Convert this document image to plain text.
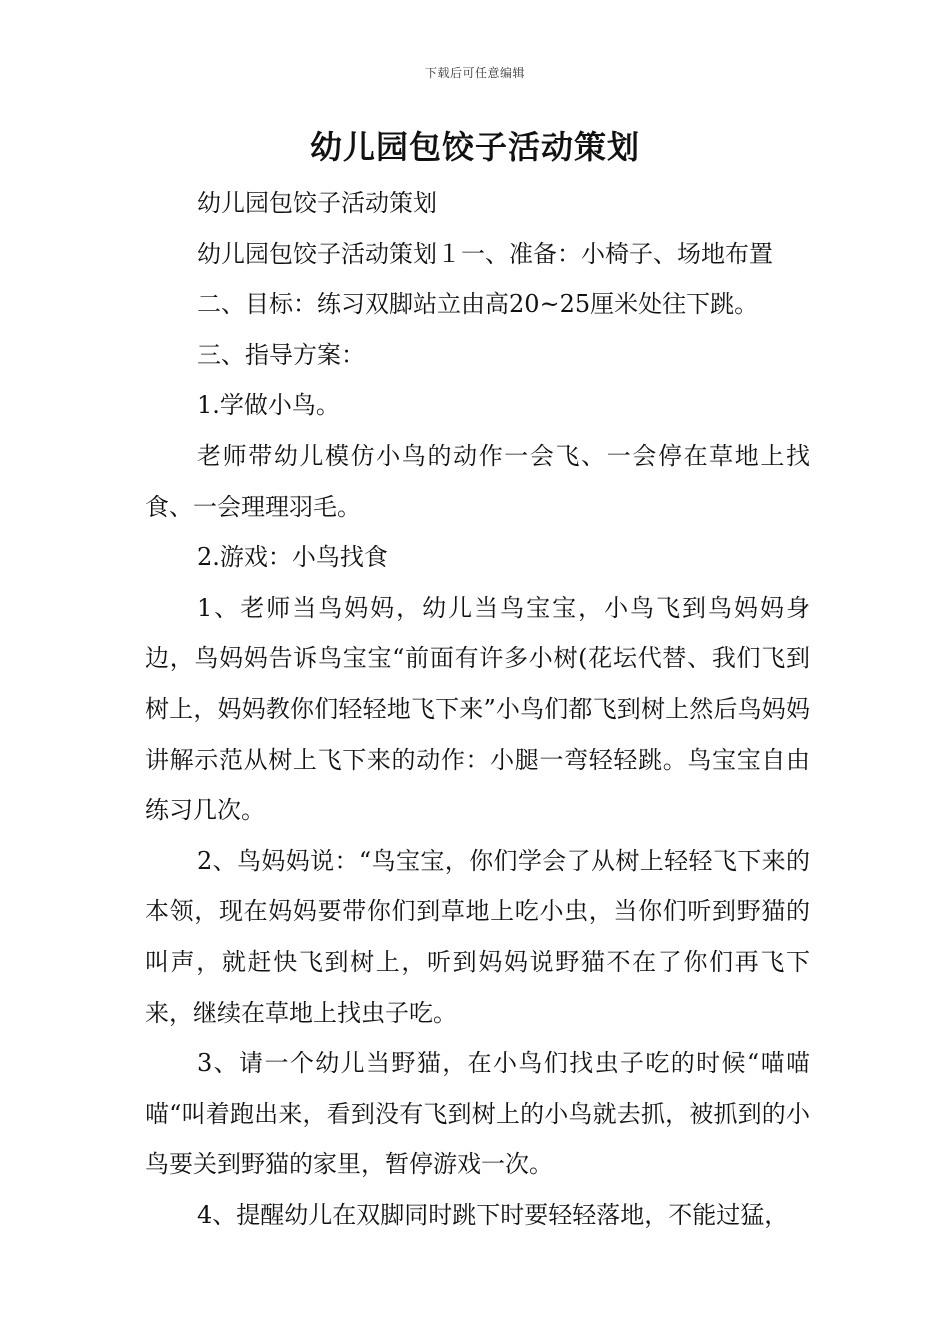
下载后可任意编辑
幼儿园包饺子活动策划

幼儿园包饺子活动策划

幼儿园包饺子活动策划１一、准备：小椅子、场地布置

二、目标：练习双脚站立由高20~25厘米处往下跳。

三、指导方案：

1.学做小鸟。

老师带幼儿模仿小鸟的动作一会飞、一会停在草地上找食、一会理理羽毛。

2.游戏：小鸟找食

1、老师当鸟妈妈，幼儿当鸟宝宝，小鸟飞到鸟妈妈身边，鸟妈妈告诉鸟宝宝“前面有许多小树(花坛代替、我们飞到树上，妈妈教你们轻轻地飞下来”小鸟们都飞到树上然后鸟妈妈讲解示范从树上飞下来的动作：小腿一弯轻轻跳。鸟宝宝自由练习几次。

2、鸟妈妈说：“鸟宝宝，你们学会了从树上轻轻飞下来的本领，现在妈妈要带你们到草地上吃小虫，当你们听到野猫的叫声，就赶快飞到树上，听到妈妈说野猫不在了你们再飞下来，继续在草地上找虫子吃。

3、请一个幼儿当野猫，在小鸟们找虫子吃的时候“喵喵喵“叫着跑出来，看到没有飞到树上的小鸟就去抓，被抓到的小鸟要关到野猫的家里，暂停游戏一次。

4、提醒幼儿在双脚同时跳下时要轻轻落地，不能过猛，
